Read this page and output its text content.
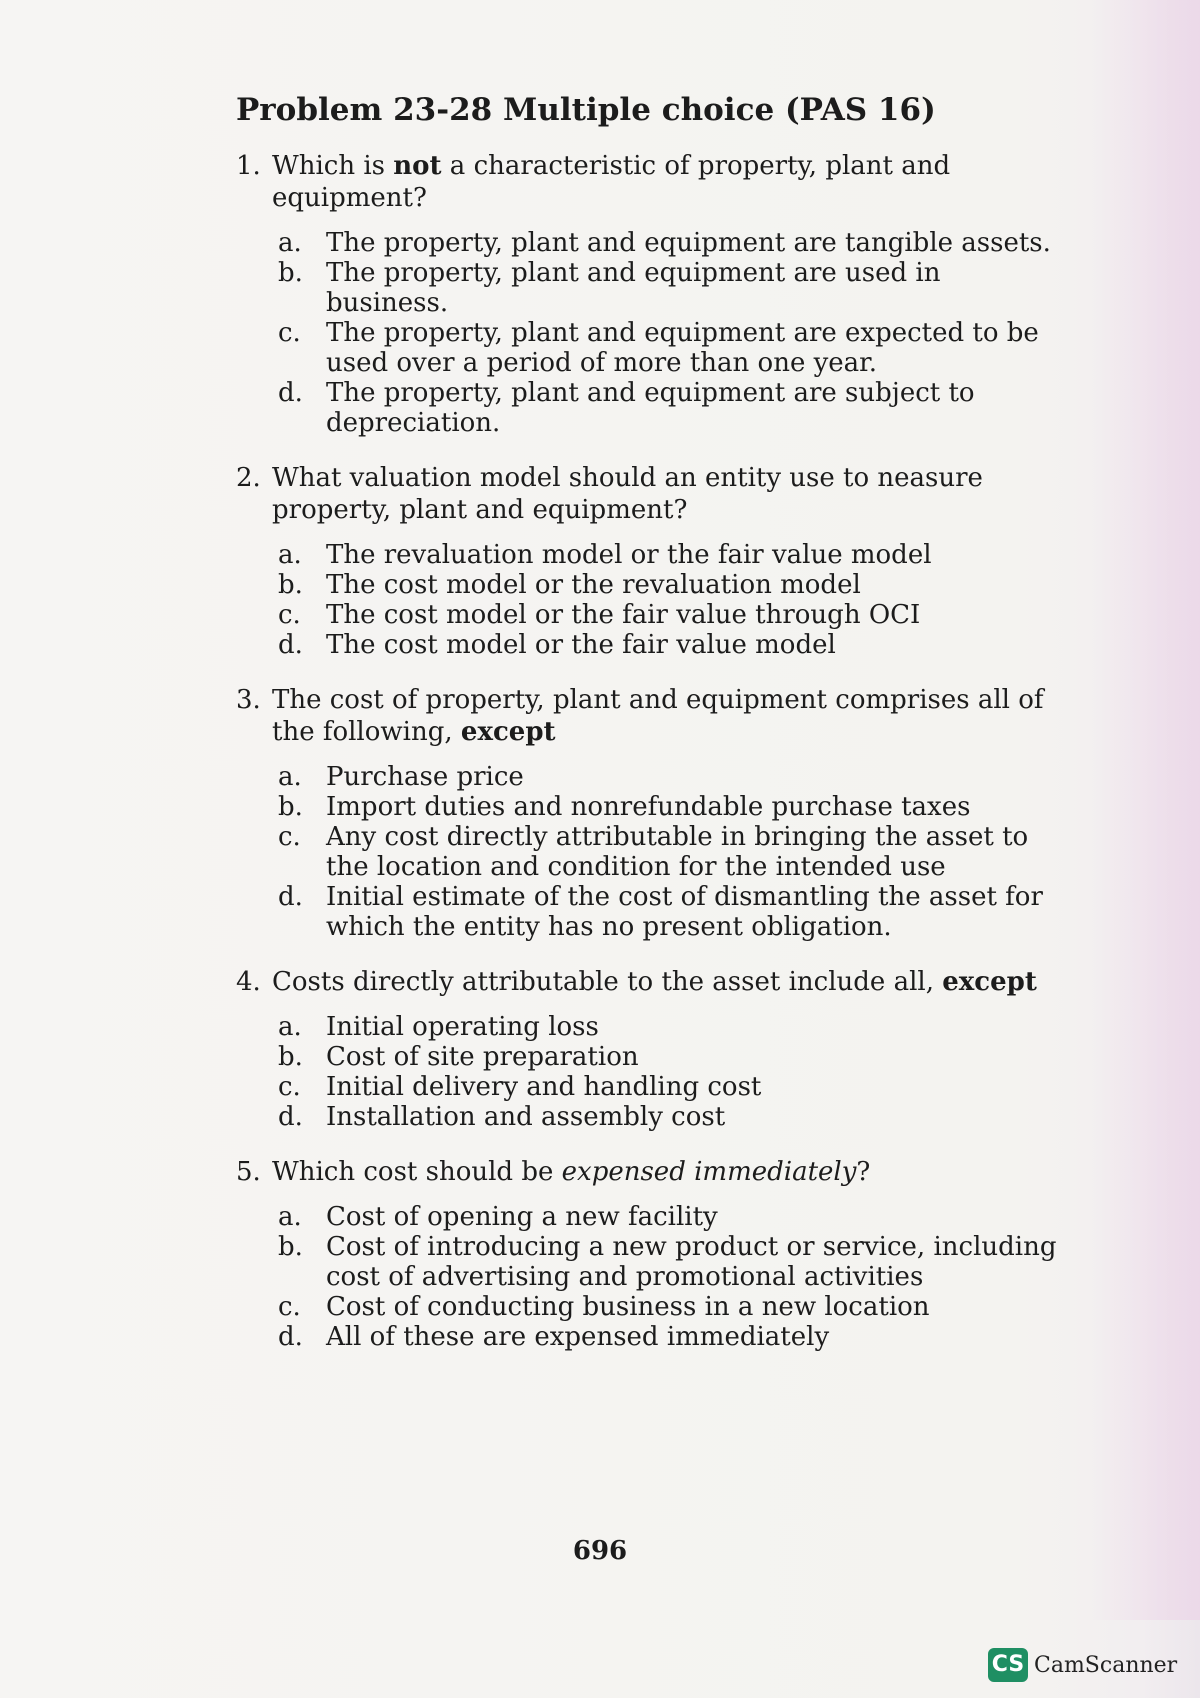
Problem 23-28 Multiple choice (PAS 16)
1. Which is not a characteristic of property, plant and equipment?
a. The property, plant and equipment are tangible assets.
b. The property, plant and equipment are used in business.
c. The property, plant and equipment are expected to be used over a period of more than one year.
d. The property, plant and equipment are subject to depreciation.
2. What valuation model should an entity use to neasure property, plant and equipment?
a. The revaluation model or the fair value model
b. The cost model or the revaluation model
c. The cost model or the fair value through OCI
d. The cost model or the fair value model
3. The cost of property, plant and equipment comprises all of the following, except
a. Purchase price
b. Import duties and nonrefundable purchase taxes
c. Any cost directly attributable in bringing the asset to the location and condition for the intended use
d. Initial estimate of the cost of dismantling the asset for which the entity has no present obligation.
4. Costs directly attributable to the asset include all, except
a. Initial operating loss
b. Cost of site preparation
c. Initial delivery and handling cost
d. Installation and assembly cost
5. Which cost should be expensed immediately?
a. Cost of opening a new facility
b. Cost of introducing a new product or service, including cost of advertising and promotional activities
c. Cost of conducting business in a new location
d. All of these are expensed immediately
696
CS CamScanner
